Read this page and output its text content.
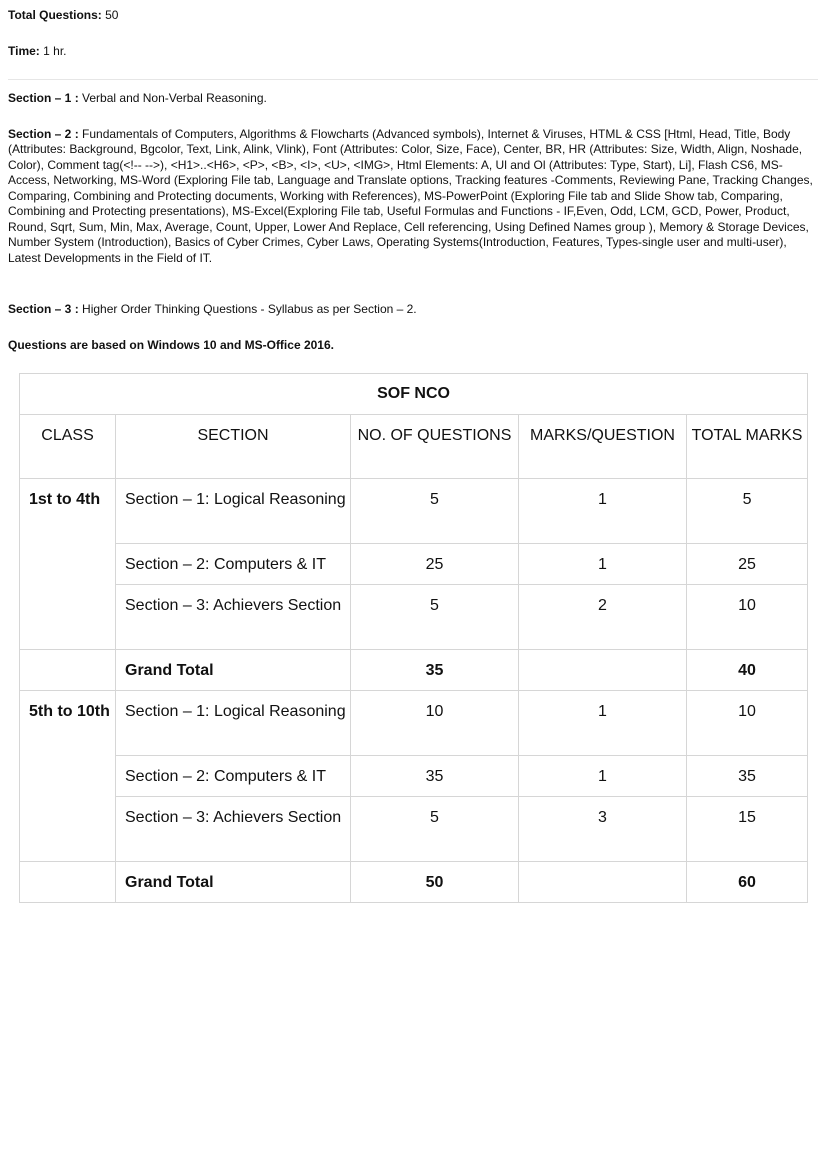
Total Questions: 50

Time: 1 hr.

Section – 1 : Verbal and Non-Verbal Reasoning.

Section – 2 : Fundamentals of Computers, Algorithms & Flowcharts (Advanced symbols), Internet & Viruses, HTML & CSS [Html, Head, Title, Body (Attributes: Background, Bgcolor, Text, Link, Alink, Vlink), Font (Attributes: Color, Size, Face), Center, BR, HR (Attributes: Size, Width, Align, Noshade, Color), Comment tag(<!-- -->), <H1>..<H6>, <P>, <B>, <I>, <U>, <IMG>, Html Elements: A, Ul and Ol (Attributes: Type, Start), Li], Flash CS6, MS-Access, Networking, MS-Word (Exploring File tab, Language and Translate options, Tracking features -Comments, Reviewing Pane, Tracking Changes, Comparing, Combining and Protecting documents, Working with References), MS-PowerPoint (Exploring File tab and Slide Show tab, Comparing, Combining and Protecting presentations), MS-Excel(Exploring File tab, Useful Formulas and Functions - IF,Even, Odd, LCM, GCD, Power, Product, Round, Sqrt, Sum, Min, Max, Average, Count, Upper, Lower And Replace, Cell referencing, Using Defined Names group ), Memory & Storage Devices, Number System (Introduction), Basics of Cyber Crimes, Cyber Laws, Operating Systems(Introduction, Features, Types-single user and multi-user), Latest Developments in the Field of IT.

Section – 3 : Higher Order Thinking Questions - Syllabus as per Section – 2.

Questions are based on Windows 10 and MS-Office 2016.

SOF NCO				
CLASS	SECTION	NO. OF QUESTIONS	MARKS/QUESTION	TOTAL MARKS
1st to 4th	Section – 1: Logical Reasoning	5	1	5
	Section – 2: Computers & IT	25	1	25
	Section – 3: Achievers Section	5	2	10
	Grand Total	35		40
5th to 10th	Section – 1: Logical Reasoning	10	1	10
	Section – 2: Computers & IT	35	1	35
	Section – 3: Achievers Section	5	3	15
	Grand Total	50		60
